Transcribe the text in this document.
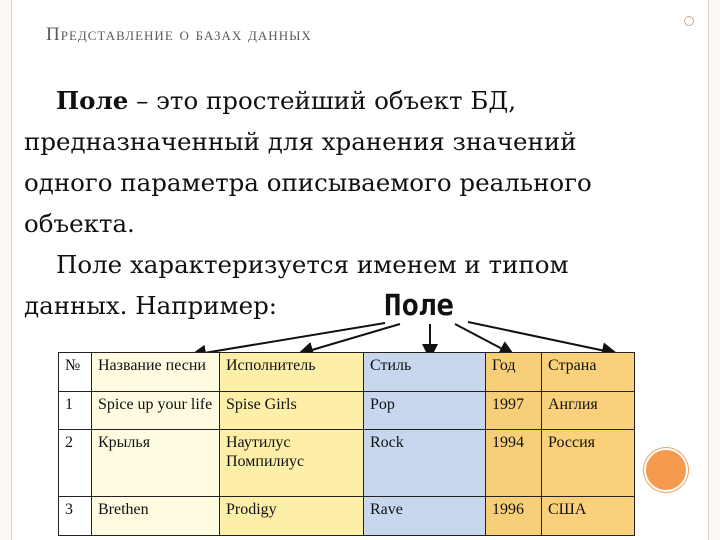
Представление о базах данных

Поле – это простейший объект БД,

предназначенный для хранения значений

одного параметра описываемого реального

объекта.

Поле характеризуется именем и типом

данных. Например:	Поле
№	Название песни	Исполнитель	Стиль	Год	Страна
1	Spice up your life	Spise Girls	Pop	1997	Англия
2	Крылья	Наутилус Помпилиус	Rock	1994	Россия
3	Brethen	Prodigy	Rave	1996	США
